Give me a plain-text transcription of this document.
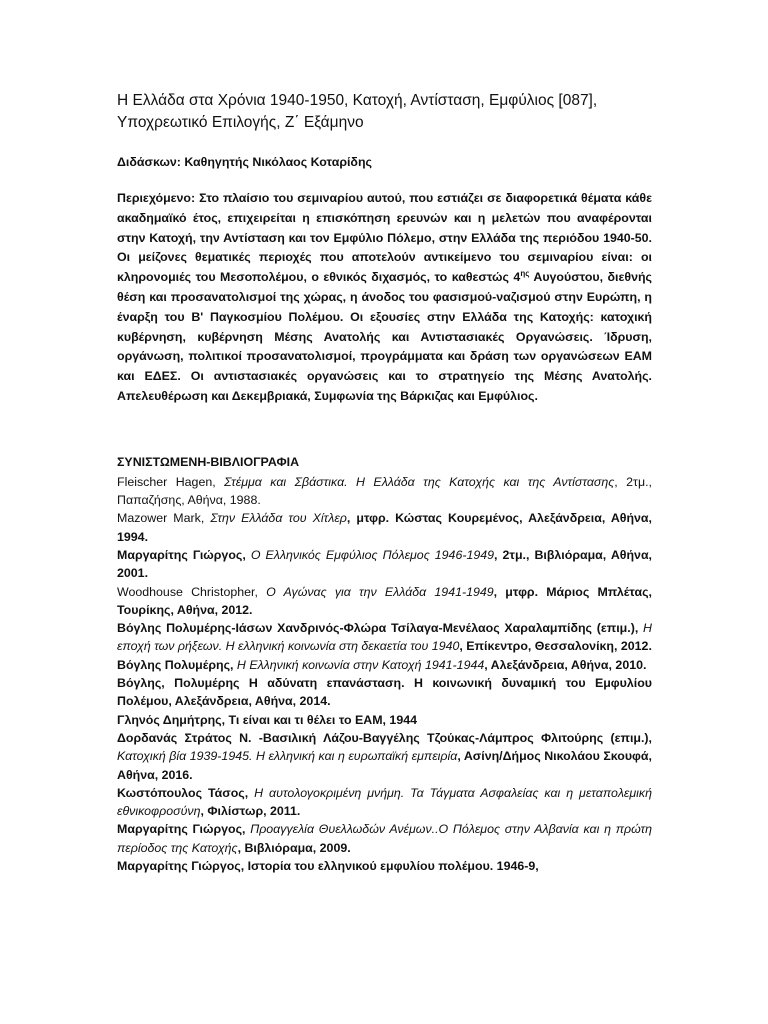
Η Ελλάδα στα Χρόνια 1940-1950, Κατοχή, Αντίσταση, Εμφύλιος [087], Υποχρεωτικό Επιλογής, Ζ΄ Εξάμηνο
Διδάσκων: Καθηγητής Νικόλαος Κοταρίδης
Περιεχόμενο: Στο πλαίσιο του σεμιναρίου αυτού, που εστιάζει σε διαφορετικά θέματα κάθε ακαδημαϊκό έτος, επιχειρείται η επισκόπηση ερευνών και η μελετών που αναφέρονται στην Κατοχή, την Αντίσταση και τον Εμφύλιο Πόλεμο, στην Ελλάδα της περιόδου 1940-50. Οι μείζονες θεματικές περιοχές που αποτελούν αντικείμενο του σεμιναρίου είναι: οι κληρονομιές του Μεσοπολέμου, ο εθνικός διχασμός, το καθεστώς $4^{\eta\varsigma}$ Αυγούστου, διεθνής θέση και προσανατολισμοί της χώρας, η άνοδος του φασισμού-ναζισμού στην Ευρώπη, η έναρξη του Β' Παγκοσμίου Πολέμου. Οι εξουσίες στην Ελλάδα της Κατοχής: κατοχική κυβέρνηση, κυβέρνηση Μέσης Ανατολής και Αντιστασιακές Οργανώσεις. Ίδρυση, οργάνωση, πολιτικοί προσανατολισμοί, προγράμματα και δράση των οργανώσεων ΕΑΜ και ΕΔΕΣ. Οι αντιστασιακές οργανώσεις και το στρατηγείο της Μέσης Ανατολής. Απελευθέρωση και Δεκεμβριακά, Συμφωνία της Βάρκιζας και Εμφύλιος.
ΣΥΝΙΣΤΩΜΕΝΗ-ΒΙΒΛΙΟΓΡΑΦΙΑ
Fleischer Hagen, Στέμμα και Σβάστικα. Η Ελλάδα της Κατοχής και της Αντίστασης, 2τμ., Παπαζήσης, Αθήνα, 1988.
Mazower Mark, Στην Ελλάδα του Χίτλερ, μτφρ. Κώστας Κουρεμένος, Αλεξάνδρεια, Αθήνα, 1994.
Μαργαρίτης Γιώργος, Ο Ελληνικός Εμφύλιος Πόλεμος 1946-1949, 2τμ., Βιβλιόραμα, Αθήνα, 2001.
Woodhouse Christopher, Ο Αγώνας για την Ελλάδα 1941-1949, μτφρ. Μάριος Μπλέτας, Τουρίκης, Αθήνα, 2012.
Βόγλης Πολυμέρης-Ιάσων Χανδρινός-Φλώρα Τσίλαγα-Μενέλαος Χαραλαμπίδης (επιμ.), Η εποχή των ρήξεων. Η ελληνική κοινωνία στη δεκαετία του 1940, Επίκεντρο, Θεσσαλονίκη, 2012.
Βόγλης Πολυμέρης, Η Ελληνική κοινωνία στην Κατοχή 1941-1944, Αλεξάνδρεια, Αθήνα, 2010.
Βόγλης, Πολυμέρης Η αδύνατη επανάσταση. Η κοινωνική δυναμική του Εμφυλίου Πολέμου, Αλεξάνδρεια, Αθήνα, 2014.
Γληνός Δημήτρης, Τι είναι και τι θέλει το ΕΑΜ, 1944
Δορδανάς Στράτος Ν. -Βασιλική Λάζου-Βαγγέλης Τζούκας-Λάμπρος Φλιτούρης (επιμ.), Κατοχική βία 1939-1945. Η ελληνική και η ευρωπαϊκή εμπειρία, Ασίνη/Δήμος Νικολάου Σκουφά, Αθήνα, 2016.
Κωστόπουλος Τάσος, Η αυτολογοκριμένη μνήμη. Τα Τάγματα Ασφαλείας και η μεταπολεμική εθνικοφροσύνη, Φιλίστωρ, 2011.
Μαργαρίτης Γιώργος, Προαγγελία Θυελλωδών Ανέμων..Ο Πόλεμος στην Αλβανία και η πρώτη περίοδος της Κατοχής, Βιβλιόραμα, 2009.
Μαργαρίτης Γιώργος, Ιστορία του ελληνικού εμφυλίου πολέμου. 1946-9,
